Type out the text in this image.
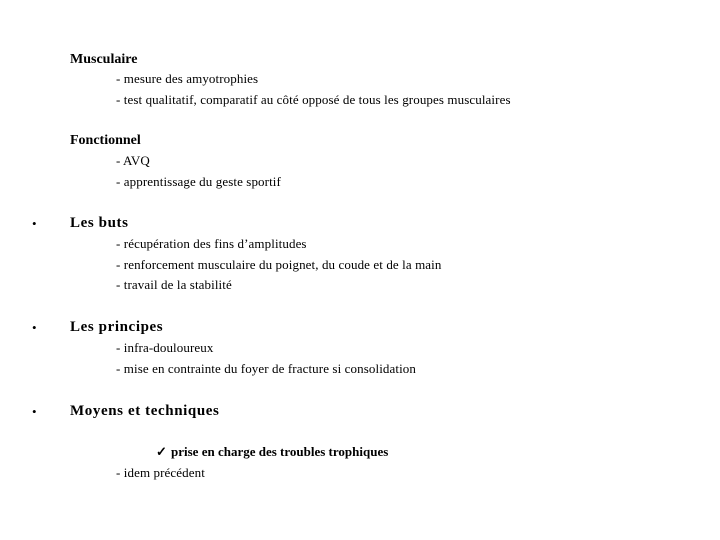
Musculaire
- mesure des amyotrophies
- test qualitatif, comparatif au côté opposé de tous les groupes musculaires
Fonctionnel
- AVQ
- apprentissage du geste sportif
• Les buts
- récupération des fins d’amplitudes
- renforcement musculaire du poignet, du coude et de la main
- travail de la stabilité
• Les principes
- infra-douloureux
- mise en contrainte du foyer de fracture si consolidation
• Moyens et techniques
✓ prise en charge des troubles trophiques
- idem précédent
